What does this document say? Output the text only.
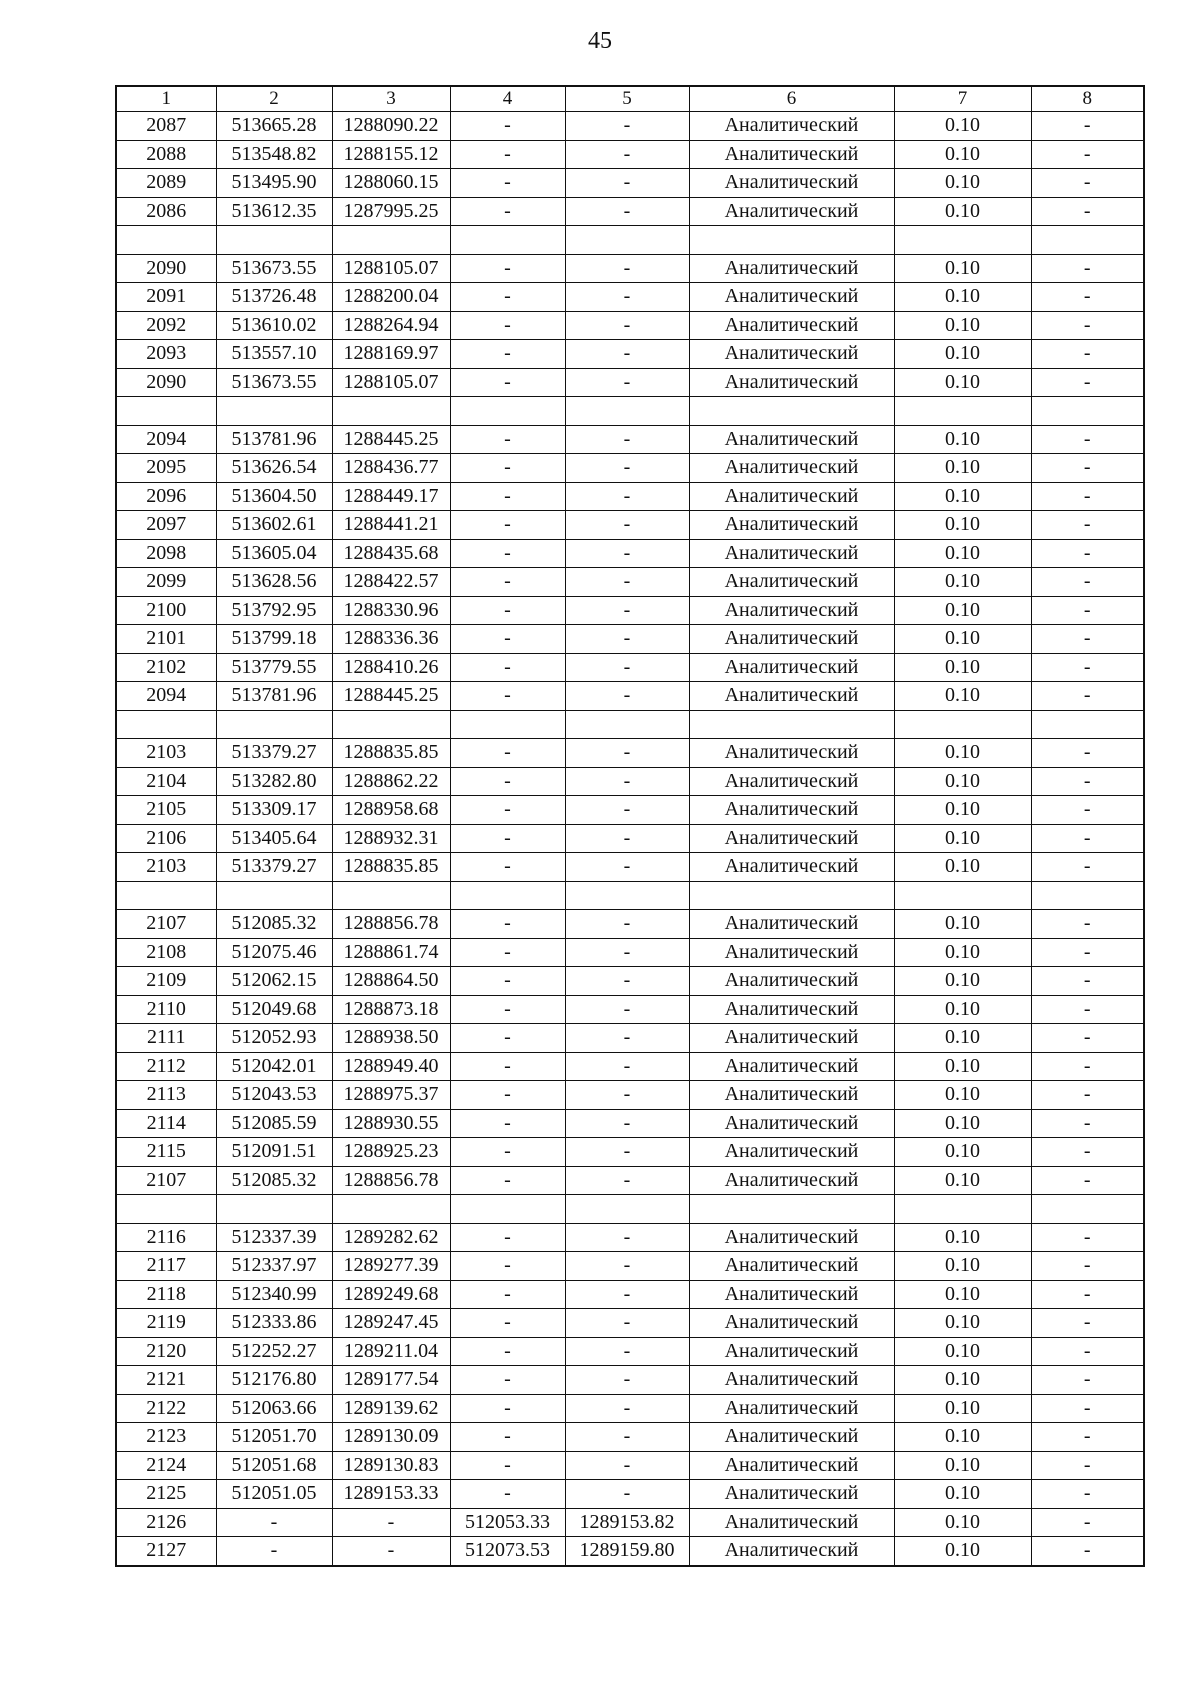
45
1	2	3	4	5	6	7	8
2087	513665.28	1288090.22	-	-	Аналитический	0.10	-
2088	513548.82	1288155.12	-	-	Аналитический	0.10	-
2089	513495.90	1288060.15	-	-	Аналитический	0.10	-
2086	513612.35	1287995.25	-	-	Аналитический	0.10	-

2090	513673.55	1288105.07	-	-	Аналитический	0.10	-
2091	513726.48	1288200.04	-	-	Аналитический	0.10	-
2092	513610.02	1288264.94	-	-	Аналитический	0.10	-
2093	513557.10	1288169.97	-	-	Аналитический	0.10	-
2090	513673.55	1288105.07	-	-	Аналитический	0.10	-

2094	513781.96	1288445.25	-	-	Аналитический	0.10	-
2095	513626.54	1288436.77	-	-	Аналитический	0.10	-
2096	513604.50	1288449.17	-	-	Аналитический	0.10	-
2097	513602.61	1288441.21	-	-	Аналитический	0.10	-
2098	513605.04	1288435.68	-	-	Аналитический	0.10	-
2099	513628.56	1288422.57	-	-	Аналитический	0.10	-
2100	513792.95	1288330.96	-	-	Аналитический	0.10	-
2101	513799.18	1288336.36	-	-	Аналитический	0.10	-
2102	513779.55	1288410.26	-	-	Аналитический	0.10	-
2094	513781.96	1288445.25	-	-	Аналитический	0.10	-

2103	513379.27	1288835.85	-	-	Аналитический	0.10	-
2104	513282.80	1288862.22	-	-	Аналитический	0.10	-
2105	513309.17	1288958.68	-	-	Аналитический	0.10	-
2106	513405.64	1288932.31	-	-	Аналитический	0.10	-
2103	513379.27	1288835.85	-	-	Аналитический	0.10	-

2107	512085.32	1288856.78	-	-	Аналитический	0.10	-
2108	512075.46	1288861.74	-	-	Аналитический	0.10	-
2109	512062.15	1288864.50	-	-	Аналитический	0.10	-
2110	512049.68	1288873.18	-	-	Аналитический	0.10	-
2111	512052.93	1288938.50	-	-	Аналитический	0.10	-
2112	512042.01	1288949.40	-	-	Аналитический	0.10	-
2113	512043.53	1288975.37	-	-	Аналитический	0.10	-
2114	512085.59	1288930.55	-	-	Аналитический	0.10	-
2115	512091.51	1288925.23	-	-	Аналитический	0.10	-
2107	512085.32	1288856.78	-	-	Аналитический	0.10	-

2116	512337.39	1289282.62	-	-	Аналитический	0.10	-
2117	512337.97	1289277.39	-	-	Аналитический	0.10	-
2118	512340.99	1289249.68	-	-	Аналитический	0.10	-
2119	512333.86	1289247.45	-	-	Аналитический	0.10	-
2120	512252.27	1289211.04	-	-	Аналитический	0.10	-
2121	512176.80	1289177.54	-	-	Аналитический	0.10	-
2122	512063.66	1289139.62	-	-	Аналитический	0.10	-
2123	512051.70	1289130.09	-	-	Аналитический	0.10	-
2124	512051.68	1289130.83	-	-	Аналитический	0.10	-
2125	512051.05	1289153.33	-	-	Аналитический	0.10	-
2126	-	-	512053.33	1289153.82	Аналитический	0.10	-
2127	-	-	512073.53	1289159.80	Аналитический	0.10	-
